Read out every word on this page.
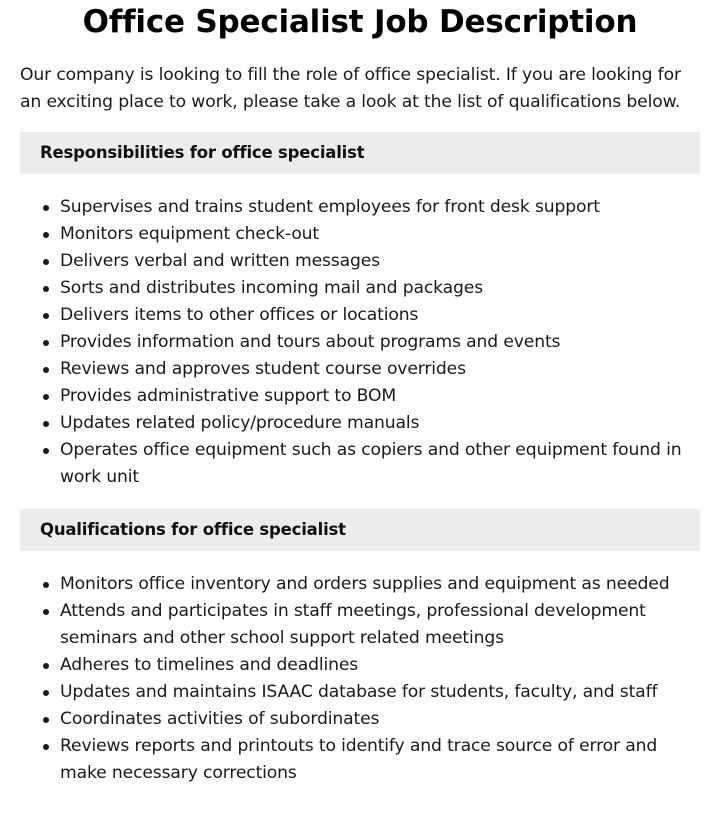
Office Specialist Job Description

Our company is looking to fill the role of office specialist. If you are looking for an exciting place to work, please take a look at the list of qualifications below.

Responsibilities for office specialist
Supervises and trains student employees for front desk support
Monitors equipment check-out
Delivers verbal and written messages
Sorts and distributes incoming mail and packages
Delivers items to other offices or locations
Provides information and tours about programs and events
Reviews and approves student course overrides
Provides administrative support to BOM
Updates related policy/procedure manuals
Operates office equipment such as copiers and other equipment found in work unit
Qualifications for office specialist
Monitors office inventory and orders supplies and equipment as needed
Attends and participates in staff meetings, professional development seminars and other school support related meetings
Adheres to timelines and deadlines
Updates and maintains ISAAC database for students, faculty, and staff
Coordinates activities of subordinates
Reviews reports and printouts to identify and trace source of error and make necessary corrections
